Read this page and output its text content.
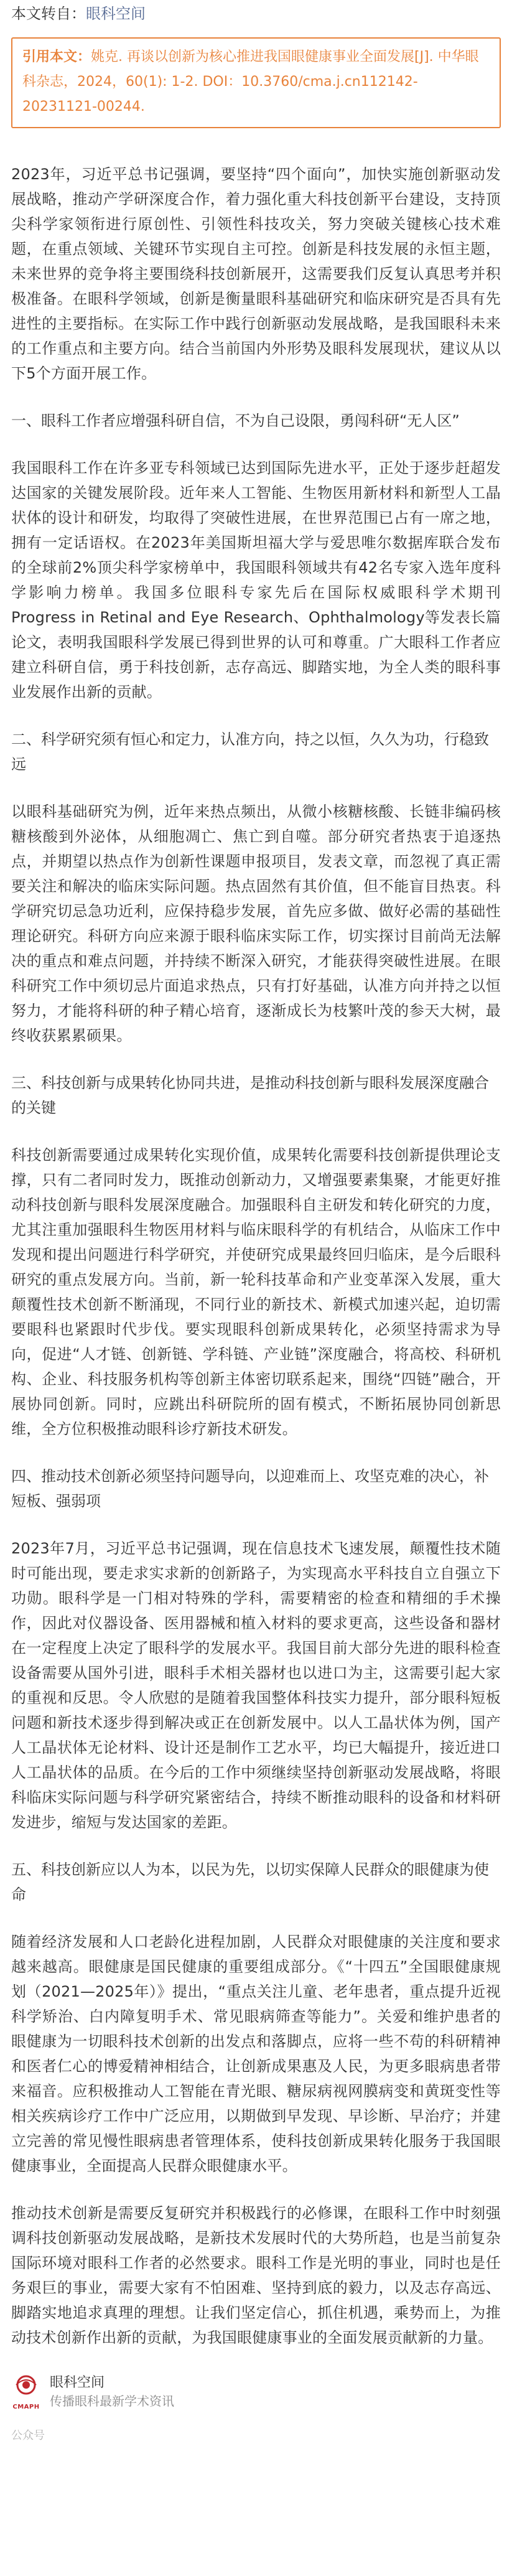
本文转自：眼科空间

引用本文：姚克. 再谈以创新为核心推进我国眼健康事业全面发展[J]. 中华眼科杂志，2024，60(1): 1-2. DOI：10.3760/cma.j.cn112142-20231121-00244.

2023年，习近平总书记强调，要坚持“四个面向”，加快实施创新驱动发展战略，推动产学研深度合作，着力强化重大科技创新平台建设，支持顶尖科学家领衔进行原创性、引领性科技攻关，努力突破关键核心技术难题，在重点领域、关键环节实现自主可控。创新是科技发展的永恒主题，未来世界的竞争将主要围绕科技创新展开，这需要我们反复认真思考并积极准备。在眼科学领域，创新是衡量眼科基础研究和临床研究是否具有先进性的主要指标。在实际工作中践行创新驱动发展战略，是我国眼科未来的工作重点和主要方向。结合当前国内外形势及眼科发展现状，建议从以下5个方面开展工作。

一、眼科工作者应增强科研自信，不为自己设限，勇闯科研“无人区”

我国眼科工作在许多亚专科领域已达到国际先进水平，正处于逐步赶超发达国家的关键发展阶段。近年来人工智能、生物医用新材料和新型人工晶状体的设计和研发，均取得了突破性进展，在世界范围已占有一席之地，拥有一定话语权。在2023年美国斯坦福大学与爱思唯尔数据库联合发布的全球前2%顶尖科学家榜单中，我国眼科领域共有42名专家入选年度科学影响力榜单。我国多位眼科专家先后在国际权威眼科学术期刊 Progress in Retinal and Eye Research、Ophthalmology等发表长篇论文，表明我国眼科学发展已得到世界的认可和尊重。广大眼科工作者应建立科研自信，勇于科技创新，志存高远、脚踏实地，为全人类的眼科事业发展作出新的贡献。

二、科学研究须有恒心和定力，认准方向，持之以恒，久久为功，行稳致远

以眼科基础研究为例，近年来热点频出，从微小核糖核酸、长链非编码核糖核酸到外泌体，从细胞凋亡、焦亡到自噬。部分研究者热衷于追逐热点，并期望以热点作为创新性课题申报项目，发表文章，而忽视了真正需要关注和解决的临床实际问题。热点固然有其价值，但不能盲目热衷。科学研究切忌急功近利，应保持稳步发展，首先应多做、做好必需的基础性理论研究。科研方向应来源于眼科临床实际工作，切实探讨目前尚无法解决的重点和难点问题，并持续不断深入研究，才能获得突破性进展。在眼科研究工作中须切忌片面追求热点，只有打好基础，认准方向并持之以恒努力，才能将科研的种子精心培育，逐渐成长为枝繁叶茂的参天大树，最终收获累累硕果。

三、科技创新与成果转化协同共进，是推动科技创新与眼科发展深度融合的关键

科技创新需要通过成果转化实现价值，成果转化需要科技创新提供理论支撑，只有二者同时发力，既推动创新动力，又增强要素集聚，才能更好推动科技创新与眼科发展深度融合。加强眼科自主研发和转化研究的力度，尤其注重加强眼科生物医用材料与临床眼科学的有机结合，从临床工作中发现和提出问题进行科学研究，并使研究成果最终回归临床，是今后眼科研究的重点发展方向。当前，新一轮科技革命和产业变革深入发展，重大颠覆性技术创新不断涌现，不同行业的新技术、新模式加速兴起，迫切需要眼科也紧跟时代步伐。要实现眼科创新成果转化，必须坚持需求为导向，促进“人才链、创新链、学科链、产业链”深度融合，将高校、科研机构、企业、科技服务机构等创新主体密切联系起来，围绕“四链”融合，开展协同创新。同时，应跳出科研院所的固有模式，不断拓展协同创新思维，全方位积极推动眼科诊疗新技术研发。

四、推动技术创新必须坚持问题导向，以迎难而上、攻坚克难的决心，补短板、强弱项

2023年7月，习近平总书记强调，现在信息技术飞速发展，颠覆性技术随时可能出现，要走求实求新的创新路子，为实现高水平科技自立自强立下功勋。眼科学是一门相对特殊的学科，需要精密的检查和精细的手术操作，因此对仪器设备、医用器械和植入材料的要求更高，这些设备和器材在一定程度上决定了眼科学的发展水平。我国目前大部分先进的眼科检查设备需要从国外引进，眼科手术相关器材也以进口为主，这需要引起大家的重视和反思。令人欣慰的是随着我国整体科技实力提升，部分眼科短板问题和新技术逐步得到解决或正在创新发展中。以人工晶状体为例，国产人工晶状体无论材料、设计还是制作工艺水平，均已大幅提升，接近进口人工晶状体的品质。在今后的工作中须继续坚持创新驱动发展战略，将眼科临床实际问题与科学研究紧密结合，持续不断推动眼科的设备和材料研发进步，缩短与发达国家的差距。

五、科技创新应以人为本，以民为先，以切实保障人民群众的眼健康为使命

随着经济发展和人口老龄化进程加剧，人民群众对眼健康的关注度和要求越来越高。眼健康是国民健康的重要组成部分。《“十四五”全国眼健康规划（2021—2025年）》提出，“重点关注儿童、老年患者，重点提升近视科学矫治、白内障复明手术、常见眼病筛查等能力”。关爱和维护患者的眼健康为一切眼科技术创新的出发点和落脚点，应将一些不苟的科研精神和医者仁心的博爱精神相结合，让创新成果惠及人民，为更多眼病患者带来福音。应积极推动人工智能在青光眼、糖尿病视网膜病变和黄斑变性等相关疾病诊疗工作中广泛应用，以期做到早发现、早诊断、早治疗；并建立完善的常见慢性眼病患者管理体系，使科技创新成果转化服务于我国眼健康事业，全面提高人民群众眼健康水平。

推动技术创新是需要反复研究并积极践行的必修课，在眼科工作中时刻强调科技创新驱动发展战略，是新技术发展时代的大势所趋，也是当前复杂国际环境对眼科工作者的必然要求。眼科工作是光明的事业，同时也是任务艰巨的事业，需要大家有不怕困难、坚持到底的毅力，以及志存高远、脚踏实地追求真理的理想。让我们坚定信心，抓住机遇，乘势而上，为推动技术创新作出新的贡献，为我国眼健康事业的全面发展贡献新的力量。

CMAPH
眼科空间
传播眼科最新学术资讯
公众号
